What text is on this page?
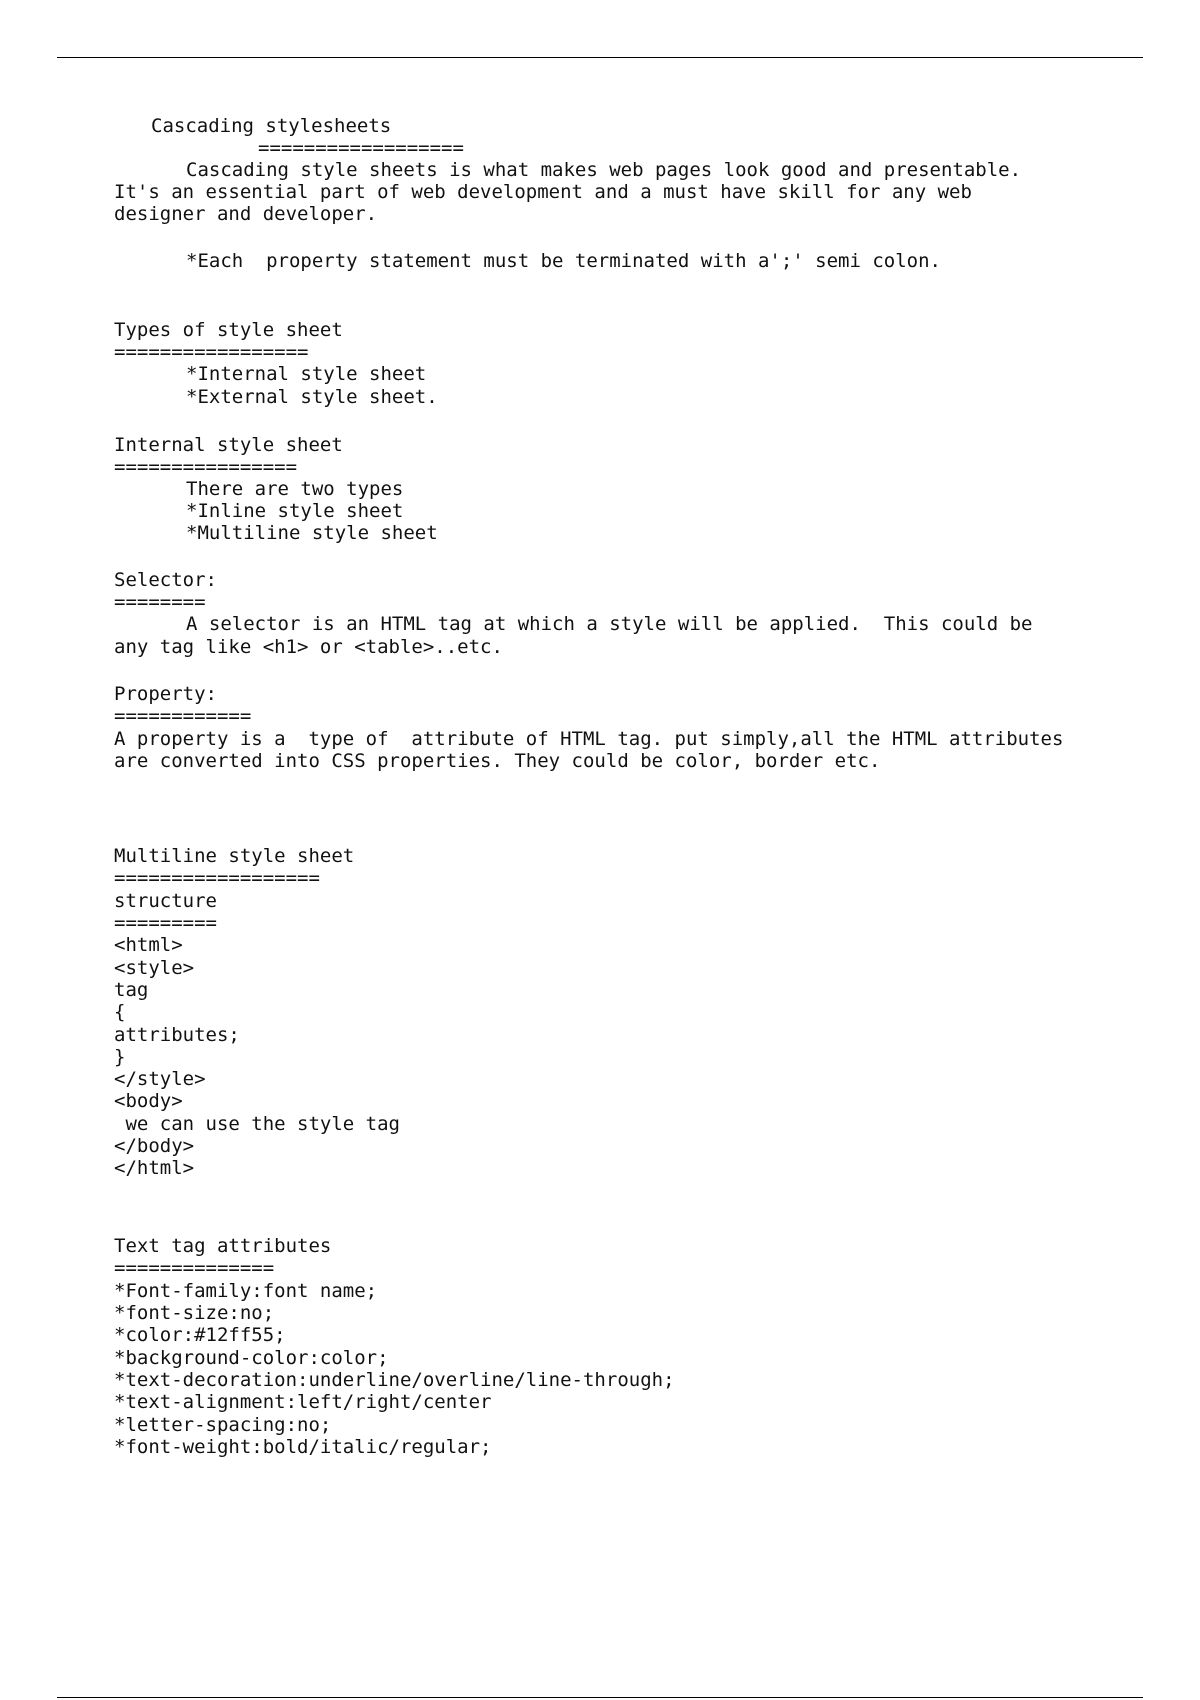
Cascading stylesheets
==================
Cascading style sheets is what makes web pages look good and presentable.
It's an essential part of web development and a must have skill for any web
designer and developer.
*Each  property statement must be terminated with a';' semi colon.
Types of style sheet
=================
*Internal style sheet
*External style sheet.
Internal style sheet
================
There are two types
*Inline style sheet
*Multiline style sheet
Selector:
========
A selector is an HTML tag at which a style will be applied.  This could be
any tag like <h1> or <table>..etc.
Property:
============
A property is a  type of  attribute of HTML tag. put simply,all the HTML attributes
are converted into CSS properties. They could be color, border etc.
Multiline style sheet
==================
structure
=========
<html>
<style>
tag
{
attributes;
}
</style>
<body>
we can use the style tag
</body>
</html>
Text tag attributes
==============
*Font-family:font name;
*font-size:no;
*color:#12ff55;
*background-color:color;
*text-decoration:underline/overline/line-through;
*text-alignment:left/right/center
*letter-spacing:no;
*font-weight:bold/italic/regular;
